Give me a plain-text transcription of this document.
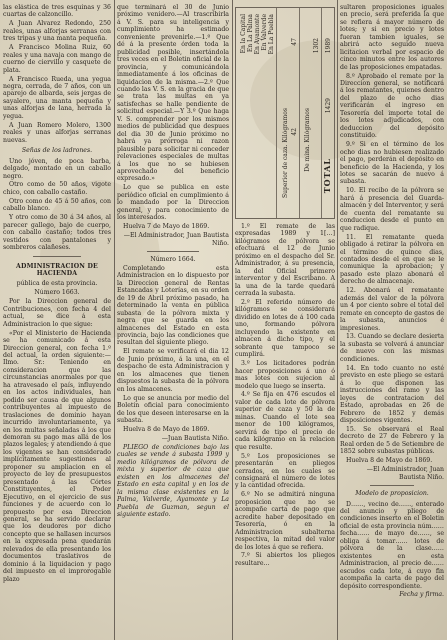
las elástica de tres esquinas y 36 cuartas de calzoncillo.

A Juan Alvarez Redondo, 250 reales, unas alforjas serranas con tres tripas y una manta pequeña.

A Francisco Molina Ruiz, 60 reales y una navaja con mango de cuerno de ciervillo y casquete de plata.

A Francisco Rueda, una yegua negra, cerrada, de 7 años, con un aparejo de albarda, seis jergas de sayalero, una manta pequeña y unas alforjas de lana, herrada la yegua.

A Juan Romero Molero, 1300 reales y unas alforjas serranas nuevas.

Señas de los ladrones.

Uno jóven, de poca barba, delgado, montado en un caballo negro.

Otro como de 50 años, vigote chico, con caballo castaño.

Otro como de 45 á 50 años, con caballo blanco.

Y otro como de 30 á 34 años, al parecer gallego, bajo de cuerpo, con caballo castaño; todos tres vestidos con pantalones y sombreros calañeses.

ADMINISTRACION DE HACIENDA

pública de esta provincia.

Número 1663.

Por la Direccion general de Contribuciones, con fecha 4 del actual, se dice á esta Administracion lo que sigue:

«Por el Ministerio de Hacienda se ha comunicado á esta Direccion general, con fecha 1.º del actual, la orden siguiente:—Ilmo. Sr.: Teniendo en consideracion que las circunstancias anormales por que ha atravesado el país, influyendo en los actos individuales, han podido ser causa de que algunos contribuyentes al impuesto de traslaciones de dominio hayan incurrido involuntariamente, ya en los multas señaladas á los que demoran su pago mas allá de los plazos legales; y atendiendo á que los vigentes se han considerado implícitamente sugestiones al proponer su ampliacion en el proyecto de ley de presupuestos presentado á las Córtes Constituyentes, el Poder Ejecutivo, en el ejercicio de sus funciones y de acuerdo con lo propuesto por esa Direccion general, se ha servido declarar que los deudores por dicho concepto que se hallasen incursos en la expresada pena quedarán relevados de ella presentando los documentos traslativos de dominio á la liquidacion y pago del impuesto en el improrogable plazo

que terminará el 30 de Junio próximo venidero.—Al trascribirla á V. S. para su inteligencia y cumplimiento ha estimado conveniente prevenirle.—1.º Que dé á la presente órden toda la publicidad posible, insertándola tres veces en el Boletin oficial de la provincia, y comunicándola inmediatamente á los oficinas de liquidacion de la misma.—2.º Que cuando las V. S. en la gracia de que se trata las multas en ya satisfechas se halle pendiente de solicitud especial.—Y 3.º Que haga V. S. comprender por los mismos medios de publicidad que despues del dia 30 de Junio próximo no habrá ya prórroga ni razon plausible para solicitar ni conceder relevaciones especiales de multas á los que no se hubiesen aprovechado del beneficio expresado.»

Lo que se publica en este periódico oficial en cumplimiento á lo mandado por la Direccion general, y para conocimiento de los interesados.

Huelva 7 de Mayo de 1869.

—El Administrador, Juan Bautista Niño.

Número 1664.

Completando esta Administracion en lo dispuesto por la Direccion general de Rentas Estancadas y Loterías, en su orden de 19 de Abril próximo pasado, ha determinado la venta en pública subasta de la pólvora mixta y negra que se guarda en los almacenes del Estado en esta provincia, bajo las condiciones que resultan del siguiente pliego.

El remate se verificará el dia 12 de Junio próximo, á la una, en el despacho de esta Administracion y en los almacenes que tienen dispuestos la subasta de la pólvora en los almacenes.

Lo que se anuncia por medio del Boletin oficial para conocimiento de los que deseen interesarse en la subasta.

Huelva 8 de Mayo de 1869.

—Juan Bautista Niño.

PLIEGO de condiciones bajo las cuales se vende á subasta 1999 y medio kilógramos de pólvora de mixta y superior de caza que existen en los almacenes del Estado en esta capital y en los de la misma clase existentes en la Palma, Valverde, Ayamonte y La Puebla de Guzman, segun el siguiente estado.

En la Capital En La Palma En Ayamonte En Valverde En La Puebla
Superior de caza. Kilógramos
47
42 De mina. Kilógramos
1302
TOTAL
1989
1429

1.º El remate de las expresadas 1989 y 1[…] kilógramos de pólvora se efectuará el 12 de Junio próximo en el despacho del Sr. Administrador, á su presencia, la del Oficial primero interventor y del Escribano. A la una de la tarde quedará cerrada la subasta.

2.º El referido número de kilógramos se considerará dividido en lotes de á 100 cada uno, formando pólvora incluyendo la existente en almacen á dicho tipo, y el sobrante que tampoco se cumplirá.

3.º Los licitadores podrán hacer proposiciones á uno ó mas lotes con sujecion al modelo que luego se inserta.

4.º Se fija en 476 escudos el valor de cada lote de pólvora superior de caza y 50 la de minas. Cuando el lote sea menor de 100 kilógramos, servirá de tipo el precio de cada kilógramo en la relacion que resulte.

5.º Los proposiciones se presentarán en pliegos cerrados, en los cuales se consignará el número de lotes y la cantidad ofrecida.

6.º No se admitirá ninguna proposicion que no se acompañe carta de pago que acredite haber depositado en Tesorería, ó en la Administracion subalterna respectiva, la mitad del valor de los lotes á que se refiera.

7.º Si abiertos los pliegos resultare...

sultaren proposiciones iguales en precio, será preferida la que se refiera á mayor número de lotes; y si en precio y lotes fueran tambien iguales, se abrirá acto seguido nueva licitacion verbal por espacio de cinco minutos entre los autores de las proposiciones empatadas.

8.º Aprobado el remate por la Direccion general, se notificará á los rematantes, quienes dentro del plazo de ocho dias verificarán el ingreso en Tesorería del importe total de los lotes adjudicados, con deduccion del depósito constituido.

9.º Si en el término de los ocho dias no hubiesen realizado el pago, perderán el depósito en beneficio de la Hacienda, y los lotes se sacarán de nuevo á subasta.

10. El recibo de la pólvora se hará á presencia del Guarda-almacén y del Interventor, y será de cuenta del rematante su conduccion desde el punto en que radique.

11. El rematante queda obligado á retirar la pólvora en el término de quince dias, contados desde el en que se le comunique la aprobacion; y pasado este plazo abonará el derecho de almacenaje.

12. Abonará el rematante además del valor de la pólvora un 4 por ciento sobre el total del remate en concepto de gastos de la subasta, anuncios é impresiones.

13. Cuando se declare desierta la subasta se volverá á anunciar de nuevo con las mismas condiciones.

14. En todo cuanto no esté previsto en este pliego se estará á lo que disponen las instrucciones del ramo y las leyes de contratacion del Estado, aprobadas en 26 de Febrero de 1852 y demás disposiciones vigentes.

15. Se observará el Real decreto de 27 de Febrero y la Real orden de 5 de Setiembre de 1852 sobre subastas públicas.

Huelva 8 de Mayo de 1869.

—El Administrador, Juan Bautista Niño.

Modelo de proposicion.

D……, vecino de……, enterado del anuncio y pliego de condiciones inserto en el Boletin oficial de esta provincia núm…… fecha…… de mayo de……, se obliga á tomar…… lotes de pólvora de la clase…… existentes en esta Administracion, al precio de…… escudos cada lote, á cuyo fin acompaña la carta de pago del depósito correspondiente.

Fecha y firma.
